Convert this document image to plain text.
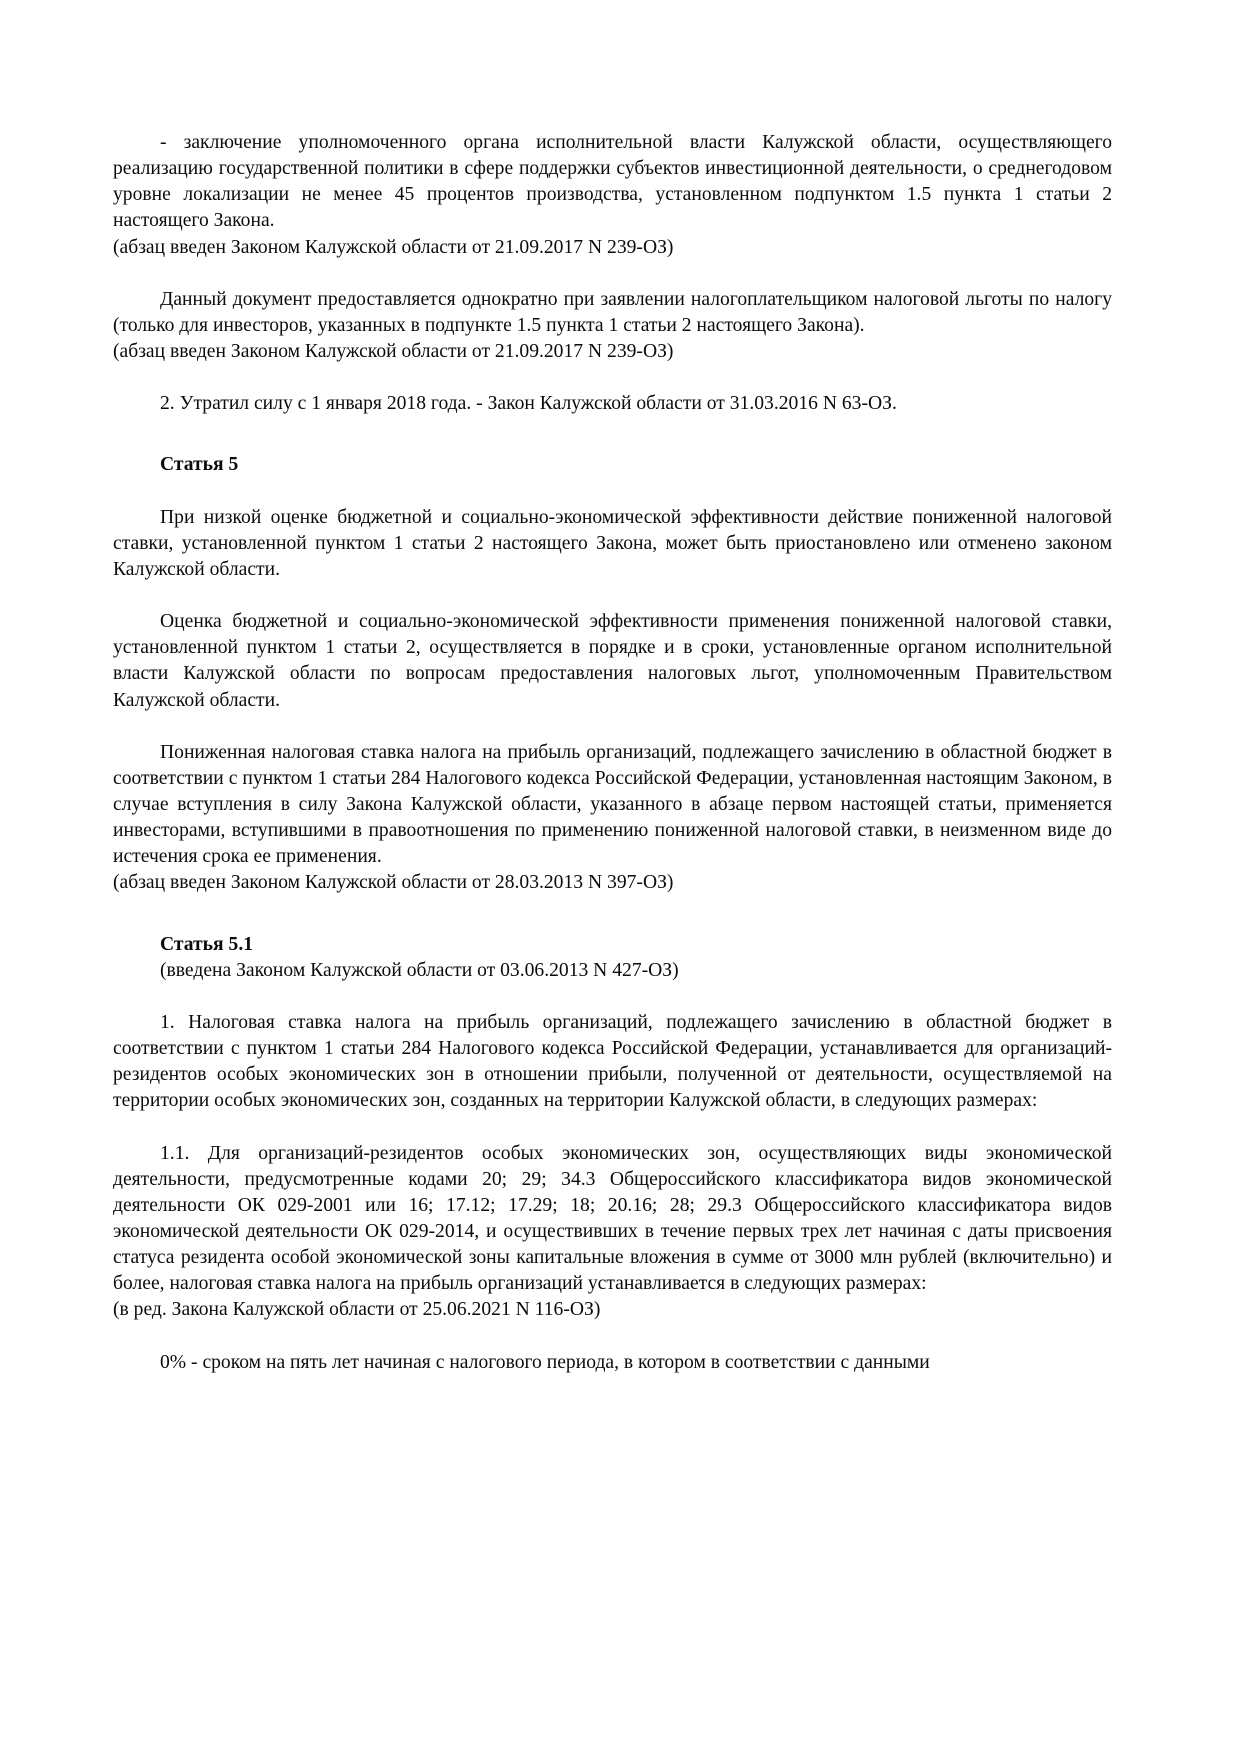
- заключение уполномоченного органа исполнительной власти Калужской области, осуществляющего реализацию государственной политики в сфере поддержки субъектов инвестиционной деятельности, о среднегодовом уровне локализации не менее 45 процентов производства, установленном подпунктом 1.5 пункта 1 статьи 2 настоящего Закона.

(абзац введен Законом Калужской области от 21.09.2017 N 239-ОЗ)

Данный документ предоставляется однократно при заявлении налогоплательщиком налоговой льготы по налогу (только для инвесторов, указанных в подпункте 1.5 пункта 1 статьи 2 настоящего Закона).

(абзац введен Законом Калужской области от 21.09.2017 N 239-ОЗ)

2. Утратил силу с 1 января 2018 года. - Закон Калужской области от 31.03.2016 N 63-ОЗ.

Статья 5

При низкой оценке бюджетной и социально-экономической эффективности действие пониженной налоговой ставки, установленной пунктом 1 статьи 2 настоящего Закона, может быть приостановлено или отменено законом Калужской области.

Оценка бюджетной и социально-экономической эффективности применения пониженной налоговой ставки, установленной пунктом 1 статьи 2, осуществляется в порядке и в сроки, установленные органом исполнительной власти Калужской области по вопросам предоставления налоговых льгот, уполномоченным Правительством Калужской области.

Пониженная налоговая ставка налога на прибыль организаций, подлежащего зачислению в областной бюджет в соответствии с пунктом 1 статьи 284 Налогового кодекса Российской Федерации, установленная настоящим Законом, в случае вступления в силу Закона Калужской области, указанного в абзаце первом настоящей статьи, применяется инвесторами, вступившими в правоотношения по применению пониженной налоговой ставки, в неизменном виде до истечения срока ее применения.

(абзац введен Законом Калужской области от 28.03.2013 N 397-ОЗ)

Статья 5.1

(введена Законом Калужской области от 03.06.2013 N 427-ОЗ)

1. Налоговая ставка налога на прибыль организаций, подлежащего зачислению в областной бюджет в соответствии с пунктом 1 статьи 284 Налогового кодекса Российской Федерации, устанавливается для организаций-резидентов особых экономических зон в отношении прибыли, полученной от деятельности, осуществляемой на территории особых экономических зон, созданных на территории Калужской области, в следующих размерах:

1.1. Для организаций-резидентов особых экономических зон, осуществляющих виды экономической деятельности, предусмотренные кодами 20; 29; 34.3 Общероссийского классификатора видов экономической деятельности ОК 029-2001 или 16; 17.12; 17.29; 18; 20.16; 28; 29.3 Общероссийского классификатора видов экономической деятельности ОК 029-2014, и осуществивших в течение первых трех лет начиная с даты присвоения статуса резидента особой экономической зоны капитальные вложения в сумме от 3000 млн рублей (включительно) и более, налоговая ставка налога на прибыль организаций устанавливается в следующих размерах:

(в ред. Закона Калужской области от 25.06.2021 N 116-ОЗ)

0% - сроком на пять лет начиная с налогового периода, в котором в соответствии с данными
